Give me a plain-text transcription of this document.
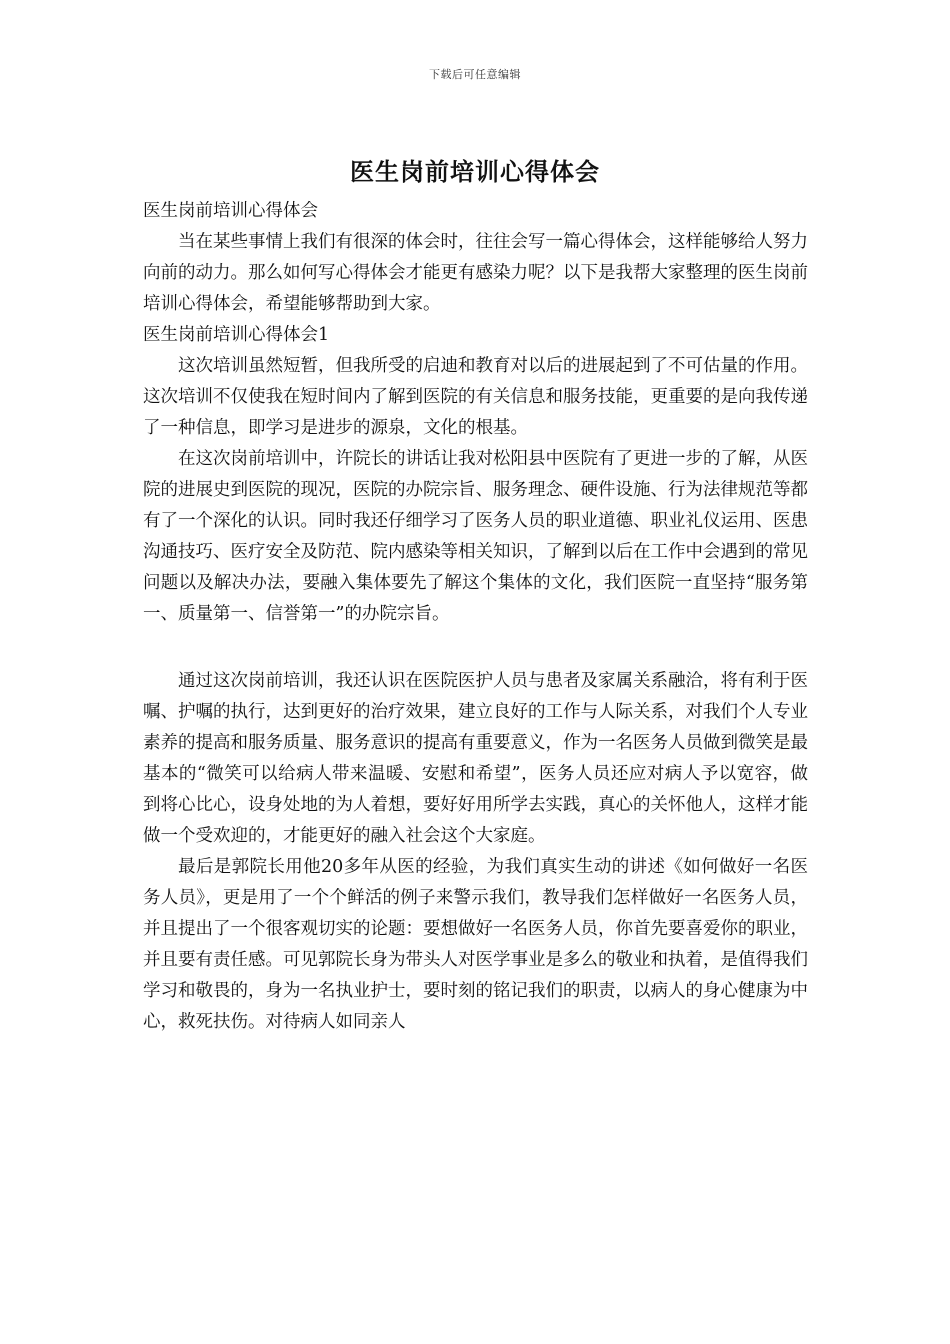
下载后可任意编辑
医生岗前培训心得体会

医生岗前培训心得体会

当在某些事情上我们有很深的体会时，往往会写一篇心得体会，这样能够给人努力向前的动力。那么如何写心得体会才能更有感染力呢？以下是我帮大家整理的医生岗前培训心得体会，希望能够帮助到大家。

医生岗前培训心得体会1

这次培训虽然短暂，但我所受的启迪和教育对以后的进展起到了不可估量的作用。这次培训不仅使我在短时间内了解到医院的有关信息和服务技能，更重要的是向我传递了一种信息，即学习是进步的源泉，文化的根基。

在这次岗前培训中，许院长的讲话让我对松阳县中医院有了更进一步的了解，从医院的进展史到医院的现况，医院的办院宗旨、服务理念、硬件设施、行为法律规范等都有了一个深化的认识。同时我还仔细学习了医务人员的职业道德、职业礼仪运用、医患沟通技巧、医疗安全及防范、院内感染等相关知识，了解到以后在工作中会遇到的常见问题以及解决办法，要融入集体要先了解这个集体的文化，我们医院一直坚持“服务第一、质量第一、信誉第一”的办院宗旨。

通过这次岗前培训，我还认识在医院医护人员与患者及家属关系融洽，将有利于医嘱、护嘱的执行，达到更好的治疗效果，建立良好的工作与人际关系，对我们个人专业素养的提高和服务质量、服务意识的提高有重要意义，作为一名医务人员做到微笑是最基本的“微笑可以给病人带来温暖、安慰和希望”，医务人员还应对病人予以宽容，做到将心比心，设身处地的为人着想，要好好用所学去实践，真心的关怀他人，这样才能做一个受欢迎的，才能更好的融入社会这个大家庭。

最后是郭院长用他20多年从医的经验，为我们真实生动的讲述《如何做好一名医务人员》，更是用了一个个鲜活的例子来警示我们，教导我们怎样做好一名医务人员，并且提出了一个很客观切实的论题：要想做好一名医务人员，你首先要喜爱你的职业，并且要有责任感。可见郭院长身为带头人对医学事业是多么的敬业和执着，是值得我们学习和敬畏的，身为一名执业护士，要时刻的铭记我们的职责，以病人的身心健康为中心，救死扶伤。对待病人如同亲人
